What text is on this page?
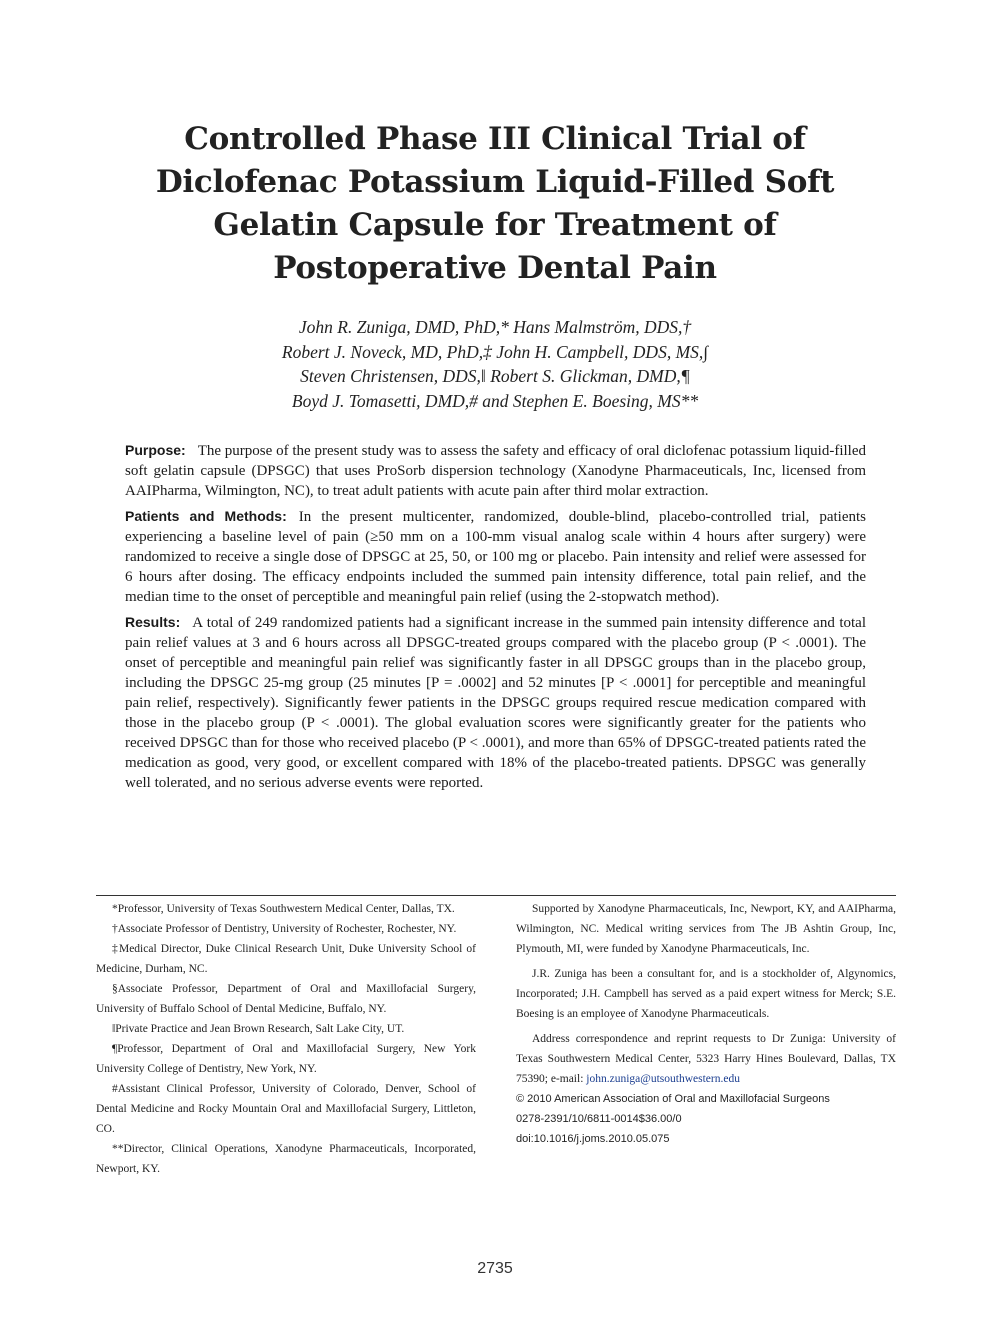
Controlled Phase III Clinical Trial of
Diclofenac Potassium Liquid-Filled Soft
Gelatin Capsule for Treatment of
Postoperative Dental Pain
John R. Zuniga, DMD, PhD,* Hans Malmström, DDS,†
Robert J. Noveck, MD, PhD,‡ John H. Campbell, DDS, MS,∫
Steven Christensen, DDS,‖ Robert S. Glickman, DMD,¶
Boyd J. Tomasetti, DMD,# and Stephen E. Boesing, MS**

Purpose: The purpose of the present study was to assess the safety and efficacy of oral diclofenac potassium liquid-filled soft gelatin capsule (DPSGC) that uses ProSorb dispersion technology (Xanodyne Pharmaceuticals, Inc, licensed from AAIPharma, Wilmington, NC), to treat adult patients with acute pain after third molar extraction.

Patients and Methods: In the present multicenter, randomized, double-blind, placebo-controlled trial, patients experiencing a baseline level of pain (≥50 mm on a 100-mm visual analog scale within 4 hours after surgery) were randomized to receive a single dose of DPSGC at 25, 50, or 100 mg or placebo. Pain intensity and relief were assessed for 6 hours after dosing. The efficacy endpoints included the summed pain intensity difference, total pain relief, and the median time to the onset of perceptible and meaningful pain relief (using the 2-stopwatch method).

Results: A total of 249 randomized patients had a significant increase in the summed pain intensity difference and total pain relief values at 3 and 6 hours across all DPSGC-treated groups compared with the placebo group (P < .0001). The onset of perceptible and meaningful pain relief was significantly faster in all DPSGC groups than in the placebo group, including the DPSGC 25-mg group (25 minutes [P = .0002] and 52 minutes [P < .0001] for perceptible and meaningful pain relief, respectively). Significantly fewer patients in the DPSGC groups required rescue medication compared with those in the placebo group (P < .0001). The global evaluation scores were significantly greater for the patients who received DPSGC than for those who received placebo (P < .0001), and more than 65% of DPSGC-treated patients rated the medication as good, very good, or excellent compared with 18% of the placebo-treated patients. DPSGC was generally well tolerated, and no serious adverse events were reported.

*Professor, University of Texas Southwestern Medical Center, Dallas, TX.

†Associate Professor of Dentistry, University of Rochester, Rochester, NY.

‡Medical Director, Duke Clinical Research Unit, Duke University School of Medicine, Durham, NC.

§Associate Professor, Department of Oral and Maxillofacial Surgery, University of Buffalo School of Dental Medicine, Buffalo, NY.

‖Private Practice and Jean Brown Research, Salt Lake City, UT.

¶Professor, Department of Oral and Maxillofacial Surgery, New York University College of Dentistry, New York, NY.

#Assistant Clinical Professor, University of Colorado, Denver, School of Dental Medicine and Rocky Mountain Oral and Maxillofacial Surgery, Littleton, CO.

**Director, Clinical Operations, Xanodyne Pharmaceuticals, Incorporated, Newport, KY.

Supported by Xanodyne Pharmaceuticals, Inc, Newport, KY, and AAIPharma, Wilmington, NC. Medical writing services from The JB Ashtin Group, Inc, Plymouth, MI, were funded by Xanodyne Pharmaceuticals, Inc.

J.R. Zuniga has been a consultant for, and is a stockholder of, Algynomics, Incorporated; J.H. Campbell has served as a paid expert witness for Merck; S.E. Boesing is an employee of Xanodyne Pharmaceuticals.

Address correspondence and reprint requests to Dr Zuniga: University of Texas Southwestern Medical Center, 5323 Harry Hines Boulevard, Dallas, TX 75390; e-mail: john.zuniga@utsouthwestern.edu

© 2010 American Association of Oral and Maxillofacial Surgeons

0278-2391/10/6811-0014$36.00/0

doi:10.1016/j.joms.2010.05.075

2735
